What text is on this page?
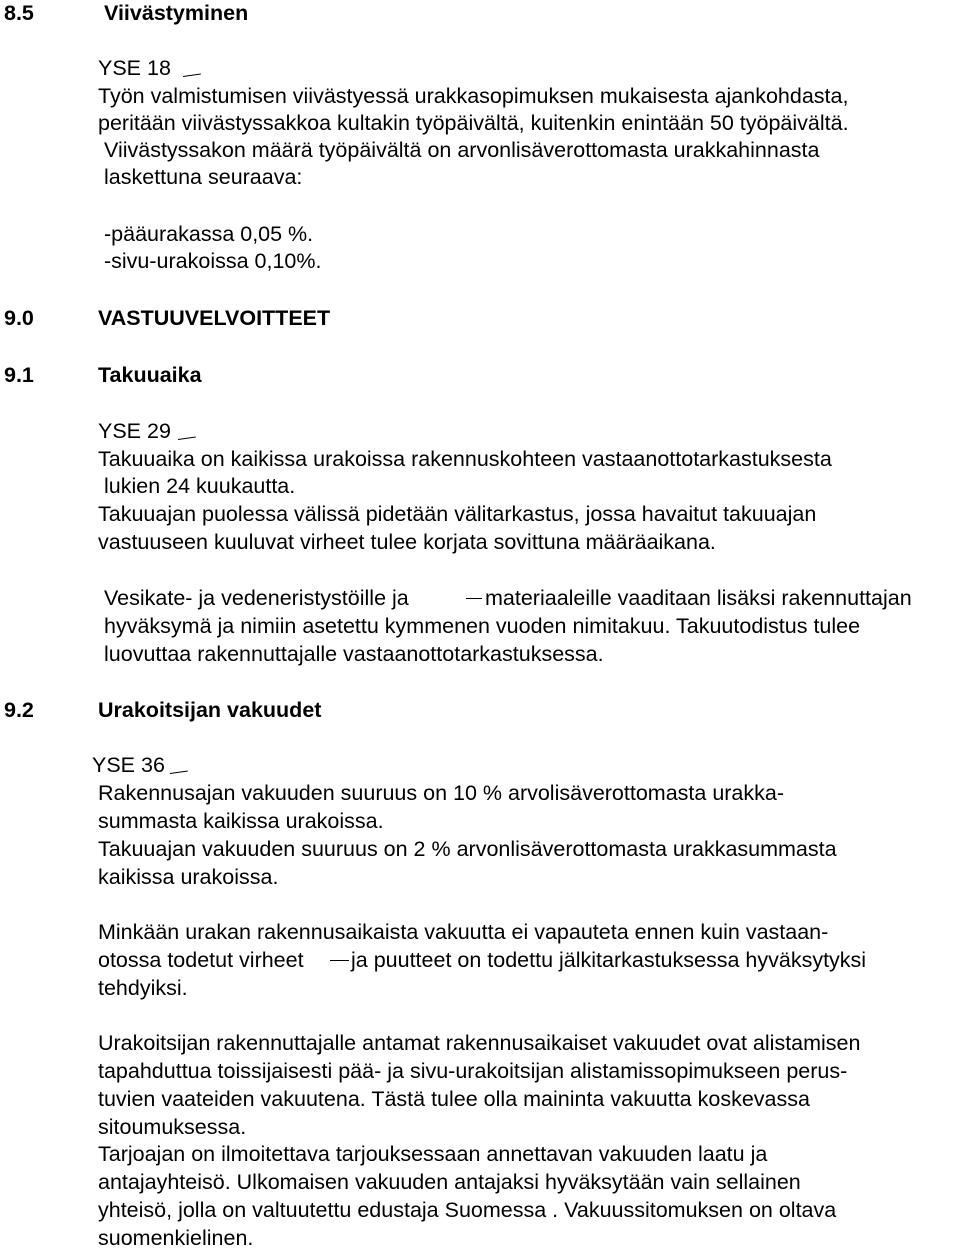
8.5	Viivästyminen
YSE 18
Työn valmistumisen viivästyessä urakkasopimuksen mukaisesta ajankohdasta,
peritään viivästyssakkoa kultakin työpäivältä, kuitenkin enintään 50 työpäivältä.
Viivästyssakon määrä työpäivältä on arvonlisäverottomasta urakkahinnasta
laskettuna seuraava:
-pääurakassa 0,05 %.
-sivu-urakoissa 0,10%.
9.0	VASTUUVELVOITTEET
9.1	Takuuaika
YSE 29
Takuuaika on kaikissa urakoissa rakennuskohteen vastaanottotarkastuksesta
lukien 24 kuukautta.
Takuuajan puolessa välissä pidetään välitarkastus, jossa havaitut takuuajan
vastuuseen kuuluvat virheet tulee korjata sovittuna määräaikana.
Vesikate- ja vedeneristystöille ja	materiaaleille vaaditaan lisäksi rakennuttajan
hyväksymä ja nimiin asetettu kymmenen vuoden nimitakuu. Takuutodistus tulee
luovuttaa rakennuttajalle vastaanottotarkastuksessa.
9.2	Urakoitsijan vakuudet
YSE 36
Rakennusajan vakuuden suuruus on 10 % arvolisäverottomasta urakka-
summasta kaikissa urakoissa.
Takuuajan vakuuden suuruus on 2 % arvonlisäverottomasta urakkasummasta
kaikissa urakoissa.
Minkään urakan rakennusaikaista vakuutta ei vapauteta ennen kuin vastaan-
otossa todetut virheet ja puutteet on todettu jälkitarkastuksessa hyväksytyksi
tehdyiksi.
Urakoitsijan rakennuttajalle antamat rakennusaikaiset vakuudet ovat alistamisen
tapahduttua toissijaisesti pää- ja sivu-urakoitsijan alistamissopimukseen perus-
tuvien vaateiden vakuutena. Tästä tulee olla maininta vakuutta koskevassa
sitoumuksessa.
Tarjoajan on ilmoitettava tarjouksessaan annettavan vakuuden laatu ja
antajayhteisö. Ulkomaisen vakuuden antajaksi hyväksytään vain sellainen
yhteisö, jolla on valtuutettu edustaja Suomessa . Vakuussitomuksen on oltava
suomenkielinen.
